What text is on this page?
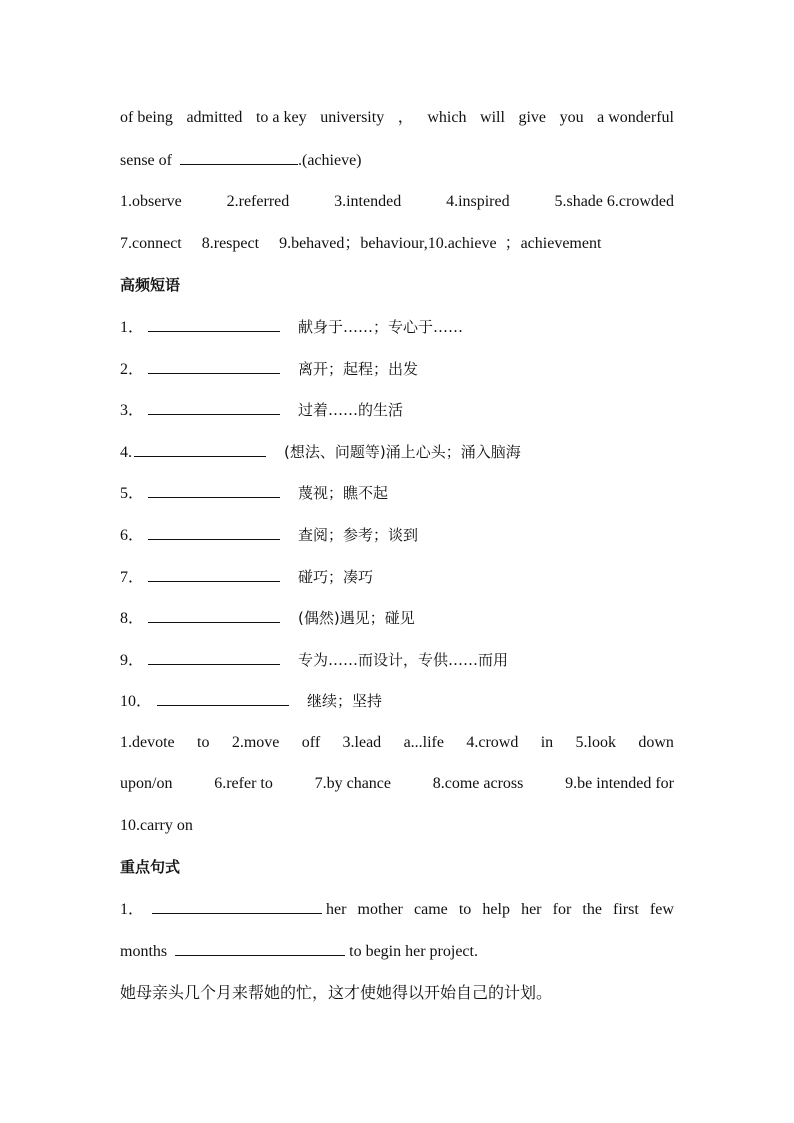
of being admitted to a key university ， which will give you a wonderful
sense of	.(achieve)
1.observe	2.referred	3.intended	4.inspired	5.shade 6.crowded
7.connect 8.respect 9.behaved；behaviour,10.achieve ；achievement
高频短语
1．	献身于……；专心于……
2．	离开；起程；出发
3．	过着……的生活
4.	(想法、问题等)涌上心头；涌入脑海
5．	蔑视；瞧不起
6．	查阅；参考；谈到
7．	碰巧；凑巧
8．	(偶然)遇见；碰见
9．	专为……而设计，专供……而用
10．	继续；坚持
1.devote to 2.move off 3.lead a...life 4.crowd in 5.look down
upon/on	6.refer to	7.by chance	8.come across	9.be intended for
10.carry on
重点句式
1．	her mother came to help her for the first few
months	to begin her project.
她母亲头几个月来帮她的忙，这才使她得以开始自己的计划。
